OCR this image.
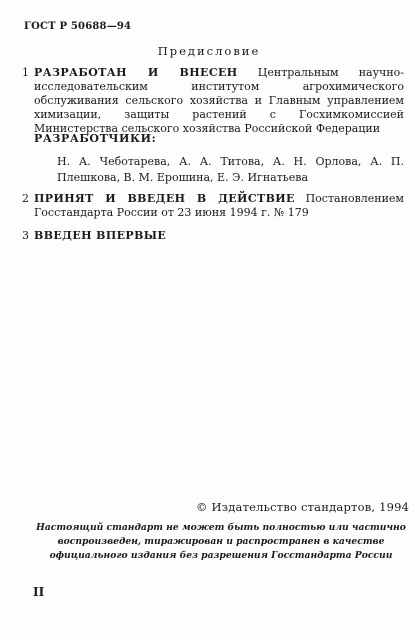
ГОСТ Р 50688—94
Предисловие
1 РАЗРАБОТАН И ВНЕСЕН Центральным научно-исследовательским институтом агрохимического обслуживания сельского хозяйства и Главным управлением химизации, защиты растений с Госхимкомиссией Министерства сельского хозяйства Российской Федерации
РАЗРАБОТЧИКИ:
Н. А. Чеботарева, А. А. Титова, А. Н. Орлова, А. П. Плешкова, В. М. Ерошина, Е. Э. Игнатьева
2 ПРИНЯТ И ВВЕДЕН В ДЕЙСТВИЕ Постановлением Госстандарта России от 23 июня 1994 г. № 179
3 ВВЕДЕН ВПЕРВЫЕ
© Издательство стандартов, 1994
Настоящий стандарт не может быть полностью или частично воспроизведен, тиражирован и распространен в качестве официального издания без разрешения Госстандарта России
II
